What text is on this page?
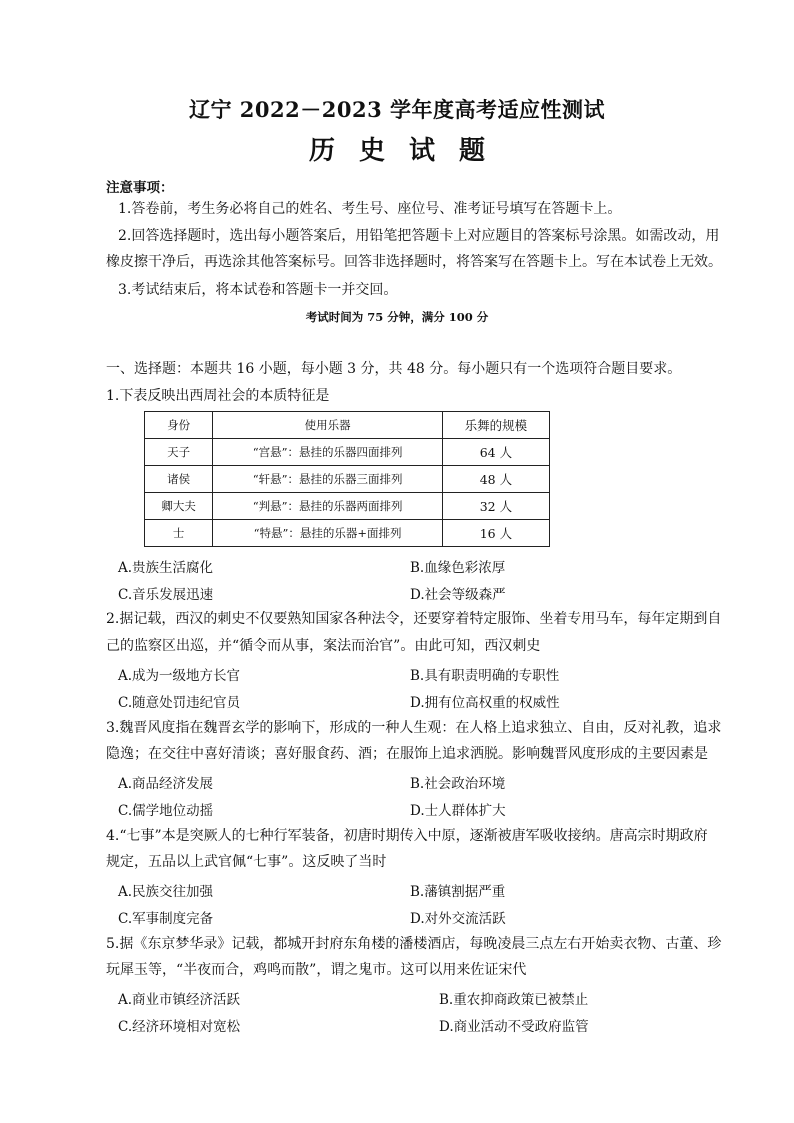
辽宁 2022－2023 学年度高考适应性测试
历史试题
注意事项：
1.答卷前，考生务必将自己的姓名、考生号、座位号、准考证号填写在答题卡上。
2.回答选择题时，选出每小题答案后，用铅笔把答题卡上对应题目的答案标号涂黑。如需改动，用
橡皮擦干净后，再选涂其他答案标号。回答非选择题时，将答案写在答题卡上。写在本试卷上无效。
3.考试结束后，将本试卷和答题卡一并交回。
考试时间为 75 分钟，满分 100 分
一、选择题：本题共 16 小题，每小题 3 分，共 48 分。每小题只有一个选项符合题目要求。
1.下表反映出西周社会的本质特征是
身份	使用乐器	乐舞的规模
天子	“宫悬”：悬挂的乐器四面排列	64 人
诸侯	“轩悬”：悬挂的乐器三面排列	48 人
卿大夫	“判悬”：悬挂的乐器两面排列	32 人
士	“特悬”：悬挂的乐器+面排列	16 人
A.贵族生活腐化	B.血缘色彩浓厚
C.音乐发展迅速	D.社会等级森严
2.据记载，西汉的刺史不仅要熟知国家各种法令，还要穿着特定服饰、坐着专用马车，每年定期到自
己的监察区出巡，并“循令而从事，案法而治官”。由此可知，西汉刺史
A.成为一级地方长官	B.具有职责明确的专职性
C.随意处罚违纪官员	D.拥有位高权重的权威性
3.魏晋风度指在魏晋玄学的影响下，形成的一种人生观：在人格上追求独立、自由，反对礼教，追求
隐逸；在交往中喜好清谈；喜好服食药、酒；在服饰上追求洒脱。影响魏晋风度形成的主要因素是
A.商品经济发展	B.社会政治环境
C.儒学地位动摇	D.士人群体扩大
4.“七事”本是突厥人的七种行军装备，初唐时期传入中原，逐渐被唐军吸收接纳。唐高宗时期政府
规定，五品以上武官佩“七事”。这反映了当时
A.民族交往加强	B.藩镇割据严重
C.军事制度完备	D.对外交流活跃
5.据《东京梦华录》记载，都城开封府东角楼的潘楼酒店，每晚凌晨三点左右开始卖衣物、古董、珍
玩犀玉等，“半夜而合，鸡鸣而散”，谓之鬼市。这可以用来佐证宋代
A.商业市镇经济活跃	B.重农抑商政策已被禁止
C.经济环境相对宽松	D.商业活动不受政府监管
